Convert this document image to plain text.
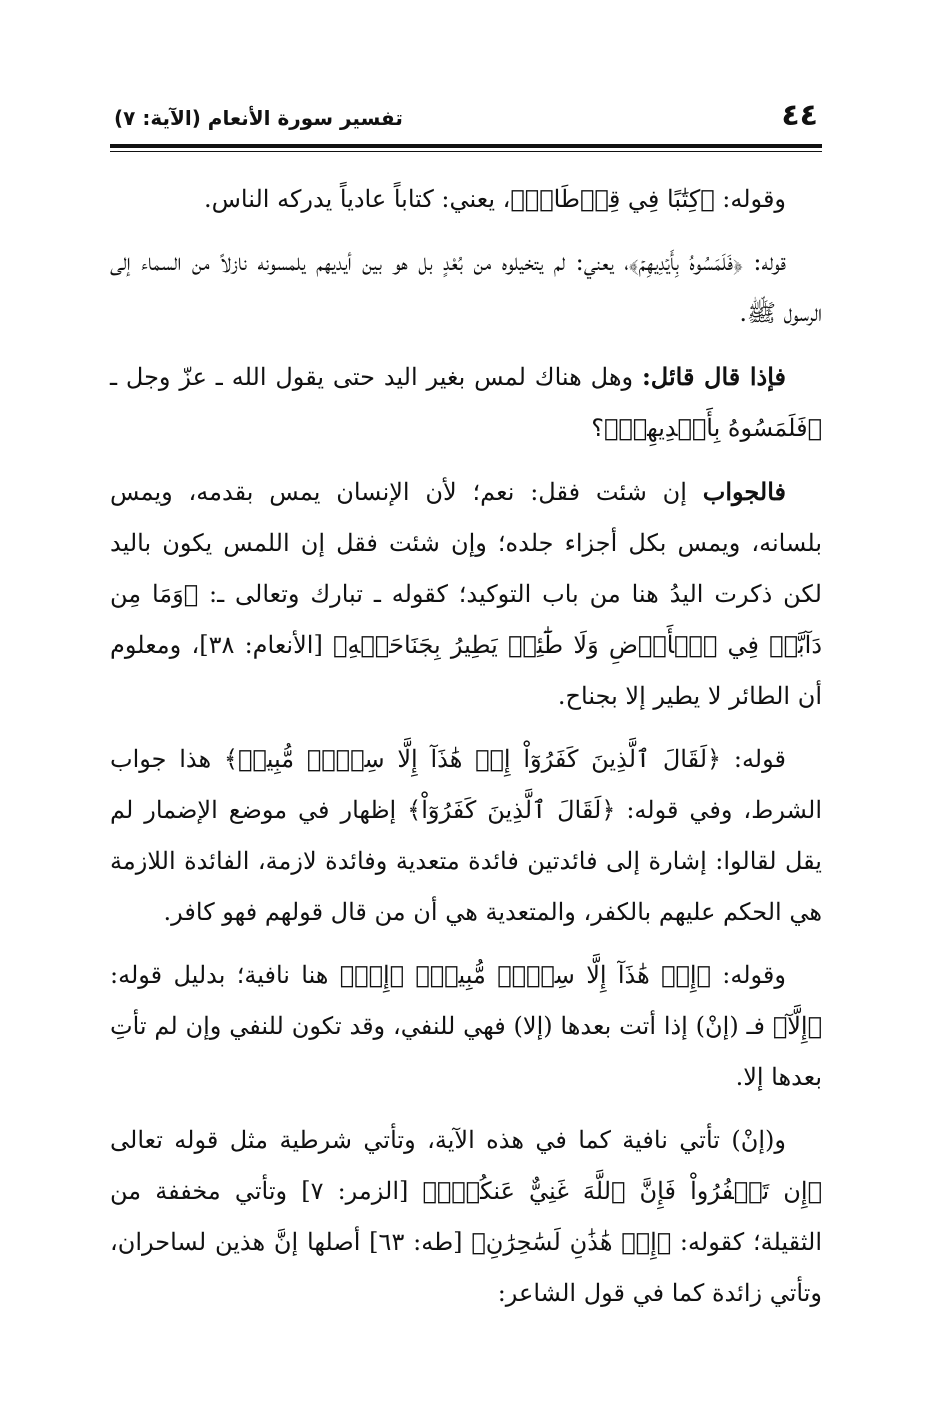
٤٤
تفسير سورة الأنعام (الآية: ٧)

وقوله: ﴿كِتَٰبًا فِي قِرۡطَاسٖ﴾، يعني: كتاباً عادياً يدركه الناس.

قوله: ﴿فَلَمَسُوهُ بِأَيۡدِيهِمۡ﴾، يعني: لم يتخيلوه من بُعْدٍ بل هو بين أيديهم يلمسونه نازلاً من السماء إلى الرسول ﷺ.

فإذا قال قائل: وهل هناك لمس بغير اليد حتى يقول الله ـ عزّ وجل ـ ﴿فَلَمَسُوهُ بِأَيۡدِيهِمۡ﴾؟

فالجواب إن شئت فقل: نعم؛ لأن الإنسان يمس بقدمه، ويمس بلسانه، ويمس بكل أجزاء جلده؛ وإن شئت فقل إن اللمس يكون باليد لكن ذكرت اليدُ هنا من باب التوكيد؛ كقوله ـ تبارك وتعالى ـ: ﴿وَمَا مِن دَآبَّةٖ فِي ٱلۡأَرۡضِ وَلَا طَٰٓئِرٖ يَطِيرُ بِجَنَاحَيۡهِ﴾ [الأنعام: ٣٨]، ومعلوم أن الطائر لا يطير إلا بجناح.

قوله: ﴿لَقَالَ ٱلَّذِينَ كَفَرُوٓاْ إِنۡ هَٰذَآ إِلَّا سِحۡرٞ مُّبِينٞ﴾ هذا جواب الشرط، وفي قوله: ﴿لَقَالَ ٱلَّذِينَ كَفَرُوٓاْ﴾ إظهار في موضع الإضمار لم يقل لقالوا: إشارة إلى فائدتين فائدة متعدية وفائدة لازمة، الفائدة اللازمة هي الحكم عليهم بالكفر، والمتعدية هي أن من قال قولهم فهو كافر.

وقوله: ﴿إِنۡ هَٰذَآ إِلَّا سِحۡرٞ مُّبِينٞ﴾ ﴿إِنۡ﴾ هنا نافية؛ بدليل قوله: ﴿إِلَّآ﴾ فـ (إنْ) إذا أتت بعدها (إلا) فهي للنفي، وقد تكون للنفي وإن لم تأتِ بعدها إلا.

و(إنْ) تأتي نافية كما في هذه الآية، وتأتي شرطية مثل قوله تعالى ﴿إِن تَكۡفُرُواْ فَإِنَّ ٱللَّهَ غَنِيٌّ عَنكُمۡۖ﴾ [الزمر: ٧] وتأتي مخففة من الثقيلة؛ كقوله: ﴿إِنۡ هَٰذَٰنِ لَسَٰحِرَٰنِ﴾ [طه: ٦٣] أصلها إنَّ هذين لساحران، وتأتي زائدة كما في قول الشاعر:
